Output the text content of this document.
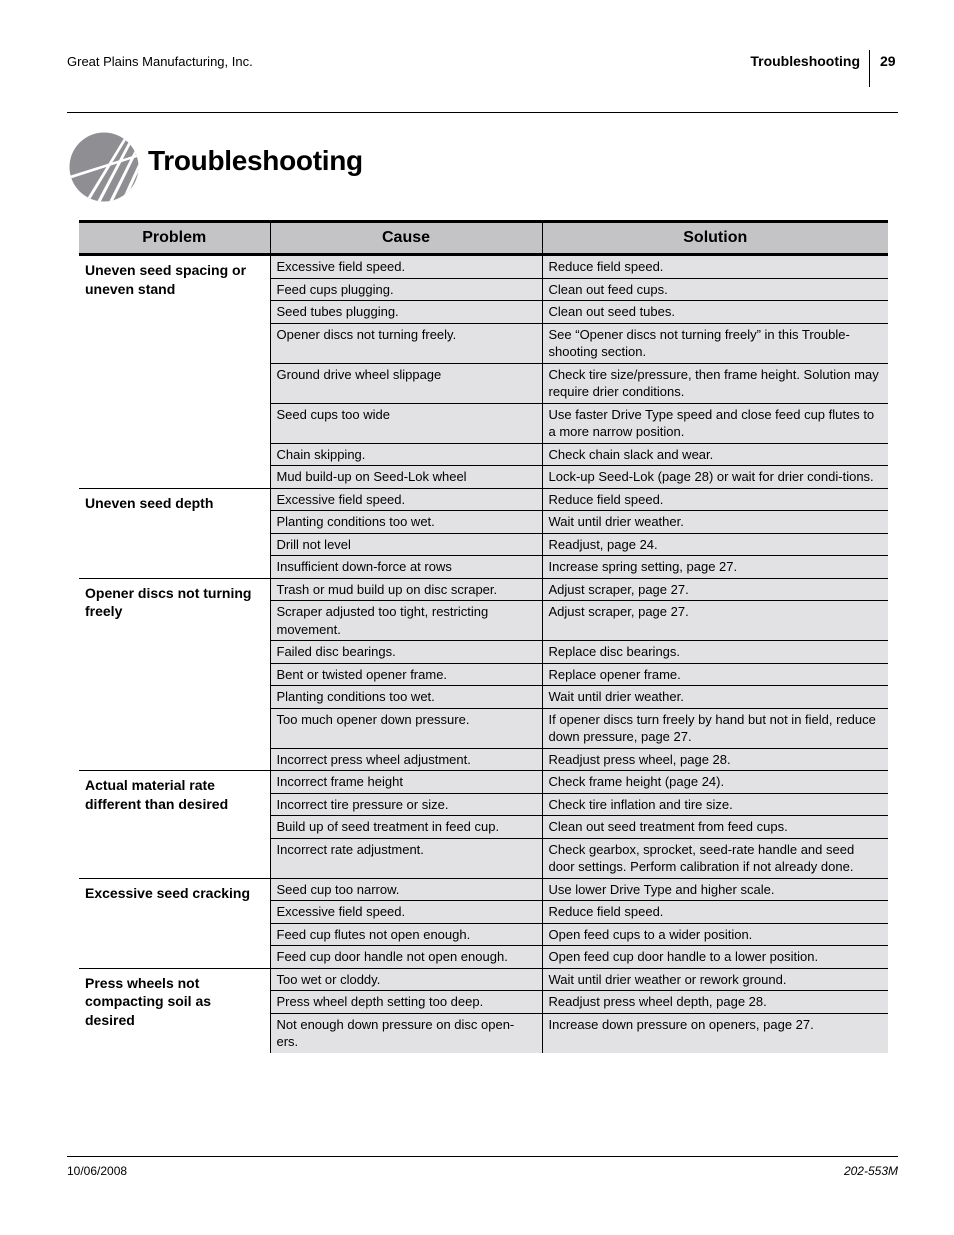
Great Plains Manufacturing, Inc.	Troubleshooting 29
Troubleshooting
Problem	Cause	Solution
Uneven seed spacing or uneven stand	Excessive field speed.	Reduce field speed.
	Feed cups plugging.	Clean out feed cups.
	Seed tubes plugging.	Clean out seed tubes.
	Opener discs not turning freely.	See “Opener discs not turning freely” in this Trouble-shooting section.
	Ground drive wheel slippage	Check tire size/pressure, then frame height. Solution may require drier conditions.
	Seed cups too wide	Use faster Drive Type speed and close feed cup flutes to a more narrow position.
	Chain skipping.	Check chain slack and wear.
	Mud build-up on Seed-Lok wheel	Lock-up Seed-Lok (page 28) or wait for drier condi-tions.
Uneven seed depth	Excessive field speed.	Reduce field speed.
	Planting conditions too wet.	Wait until drier weather.
	Drill not level	Readjust, page 24.
	Insufficient down-force at rows	Increase spring setting, page 27.
Opener discs not turning freely	Trash or mud build up on disc scraper.	Adjust scraper, page 27.
	Scraper adjusted too tight, restricting movement.	Adjust scraper, page 27.
	Failed disc bearings.	Replace disc bearings.
	Bent or twisted opener frame.	Replace opener frame.
	Planting conditions too wet.	Wait until drier weather.
	Too much opener down pressure.	If opener discs turn freely by hand but not in field, reduce down pressure, page 27.
	Incorrect press wheel adjustment.	Readjust press wheel, page 28.
Actual material rate different than desired	Incorrect frame height	Check frame height (page 24).
	Incorrect tire pressure or size.	Check tire inflation and tire size.
	Build up of seed treatment in feed cup.	Clean out seed treatment from feed cups.
	Incorrect rate adjustment.	Check gearbox, sprocket, seed-rate handle and seed door settings. Perform calibration if not already done.
Excessive seed cracking	Seed cup too narrow.	Use lower Drive Type and higher scale.
	Excessive field speed.	Reduce field speed.
	Feed cup flutes not open enough.	Open feed cups to a wider position.
	Feed cup door handle not open enough.	Open feed cup door handle to a lower position.
Press wheels not compacting soil as desired	Too wet or cloddy.	Wait until drier weather or rework ground.
	Press wheel depth setting too deep.	Readjust press wheel depth, page 28.
	Not enough down pressure on disc open-ers.	Increase down pressure on openers, page 27.
10/06/2008	202-553M
